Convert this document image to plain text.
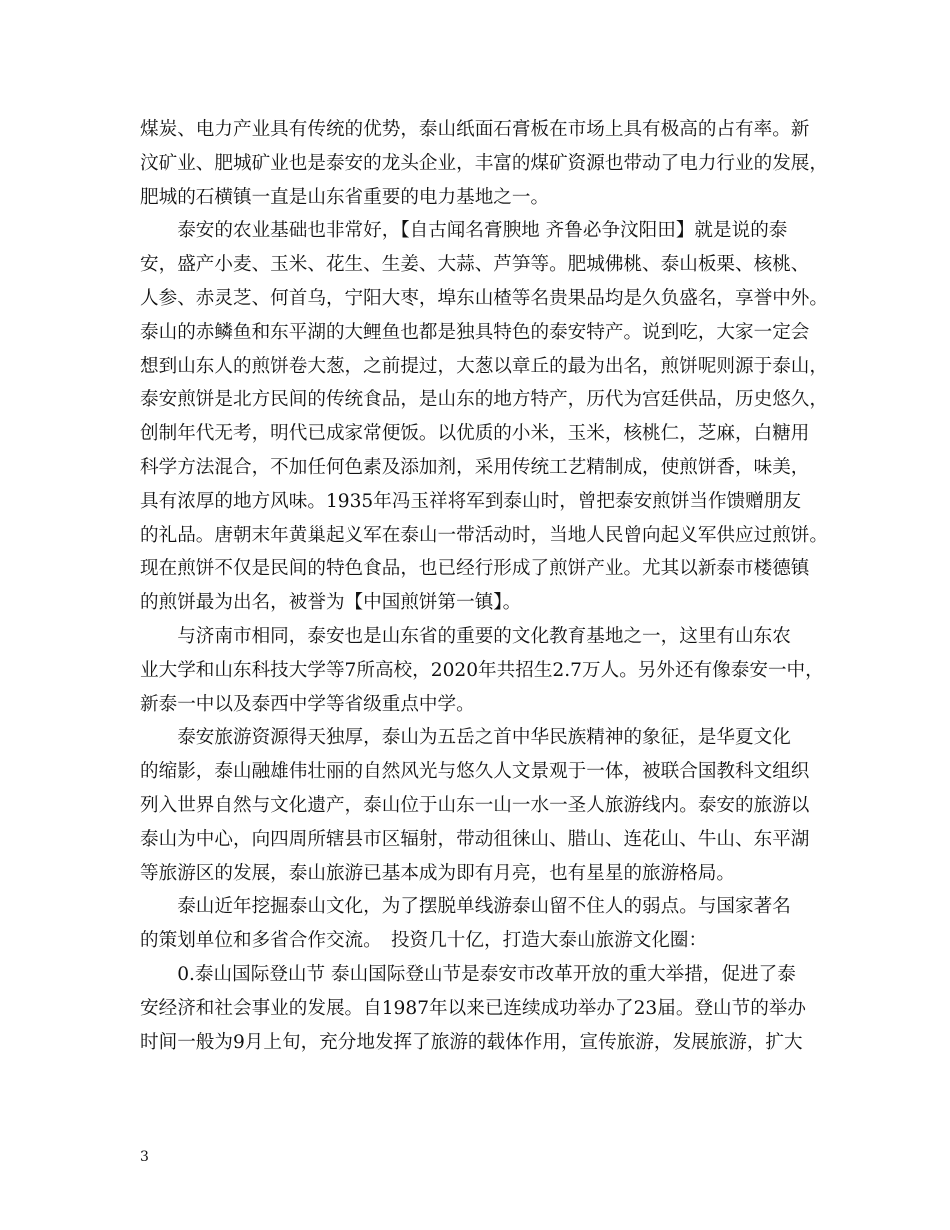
煤炭、电力产业具有传统的优势，泰山纸面石膏板在市场上具有极高的占有率。新
汶矿业、肥城矿业也是泰安的龙头企业，丰富的煤矿资源也带动了电力行业的发展，
肥城的石横镇一直是山东省重要的电力基地之一。
　　泰安的农业基础也非常好，【自古闻名膏腴地 齐鲁必争汶阳田】就是说的泰
安，盛产小麦、玉米、花生、生姜、大蒜、芦笋等。肥城佛桃、泰山板栗、核桃、
人参、赤灵芝、何首乌，宁阳大枣，埠东山楂等名贵果品均是久负盛名，享誉中外。
泰山的赤鳞鱼和东平湖的大鲤鱼也都是独具特色的泰安特产。说到吃，大家一定会
想到山东人的煎饼卷大葱，之前提过，大葱以章丘的最为出名，煎饼呢则源于泰山，
泰安煎饼是北方民间的传统食品，是山东的地方特产，历代为宫廷供品，历史悠久，
创制年代无考，明代已成家常便饭。以优质的小米，玉米，核桃仁，芝麻，白糖用
科学方法混合，不加任何色素及添加剂，采用传统工艺精制成，使煎饼香，味美，
具有浓厚的地方风味。1935年冯玉祥将军到泰山时，曾把泰安煎饼当作馈赠朋友
的礼品。唐朝末年黄巢起义军在泰山一带活动时，当地人民曾向起义军供应过煎饼。
现在煎饼不仅是民间的特色食品，也已经行形成了煎饼产业。尤其以新泰市楼德镇
的煎饼最为出名，被誉为【中国煎饼第一镇】。
　　与济南市相同，泰安也是山东省的重要的文化教育基地之一，这里有山东农
业大学和山东科技大学等7所高校，2020年共招生2.7万人。另外还有像泰安一中，
新泰一中以及泰西中学等省级重点中学。
　　泰安旅游资源得天独厚，泰山为五岳之首中华民族精神的象征，是华夏文化
的缩影，泰山融雄伟壮丽的自然风光与悠久人文景观于一体，被联合国教科文组织
列入世界自然与文化遗产，泰山位于山东一山一水一圣人旅游线内。泰安的旅游以
泰山为中心，向四周所辖县市区辐射，带动徂徕山、腊山、连花山、牛山、东平湖
等旅游区的发展，泰山旅游已基本成为即有月亮，也有星星的旅游格局。
　　泰山近年挖掘泰山文化，为了摆脱单线游泰山留不住人的弱点。与国家著名
的策划单位和多省合作交流。　投资几十亿，打造大泰山旅游文化圈：
　　0.泰山国际登山节 泰山国际登山节是泰安市改革开放的重大举措，促进了泰
安经济和社会事业的发展。自1987年以来已连续成功举办了23届。登山节的举办
时间一般为9月上旬，充分地发挥了旅游的载体作用，宣传旅游，发展旅游，扩大
3
